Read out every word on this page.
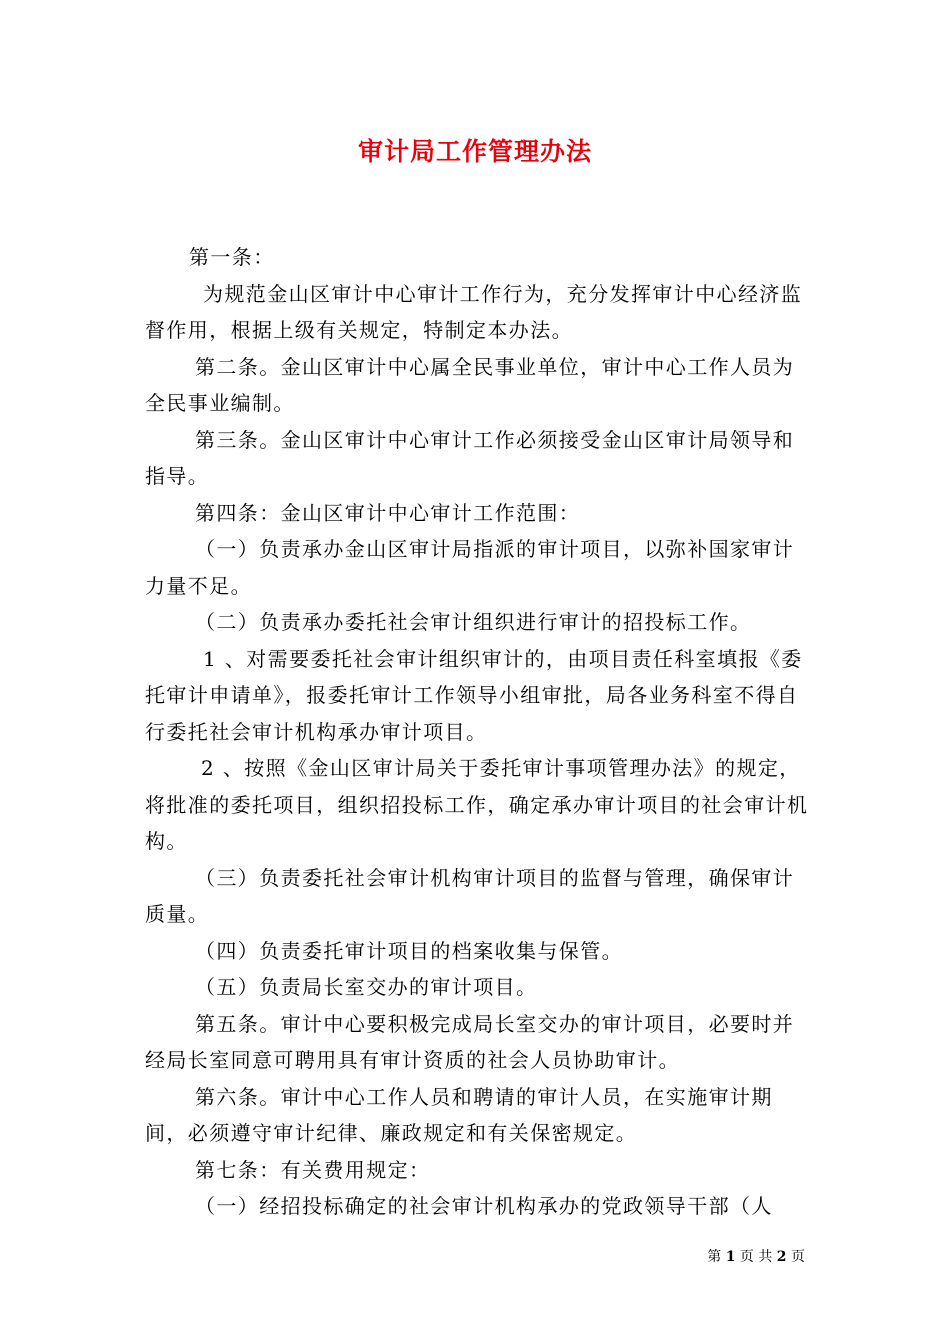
审计局工作管理办法

第一条：

为规范金山区审计中心审计工作行为，充分发挥审计中心经济监督作用，根据上级有关规定，特制定本办法。

第二条。金山区审计中心属全民事业单位，审计中心工作人员为全民事业编制。

第三条。金山区审计中心审计工作必须接受金山区审计局领导和指导。

第四条：金山区审计中心审计工作范围：

（一）负责承办金山区审计局指派的审计项目，以弥补国家审计力量不足。

（二）负责承办委托社会审计组织进行审计的招投标工作。

1 、对需要委托社会审计组织审计的，由项目责任科室填报《委托审计申请单》，报委托审计工作领导小组审批，局各业务科室不得自行委托社会审计机构承办审计项目。

2 、按照《金山区审计局关于委托审计事项管理办法》的规定，将批准的委托项目，组织招投标工作，确定承办审计项目的社会审计机构。

（三）负责委托社会审计机构审计项目的监督与管理，确保审计质量。

（四）负责委托审计项目的档案收集与保管。

（五）负责局长室交办的审计项目。

第五条。审计中心要积极完成局长室交办的审计项目，必要时并经局长室同意可聘用具有审计资质的社会人员协助审计。

第六条。审计中心工作人员和聘请的审计人员，在实施审计期间，必须遵守审计纪律、廉政规定和有关保密规定。

第七条：有关费用规定：

（一）经招投标确定的社会审计机构承办的党政领导干部（人

第 1 页 共 2 页
